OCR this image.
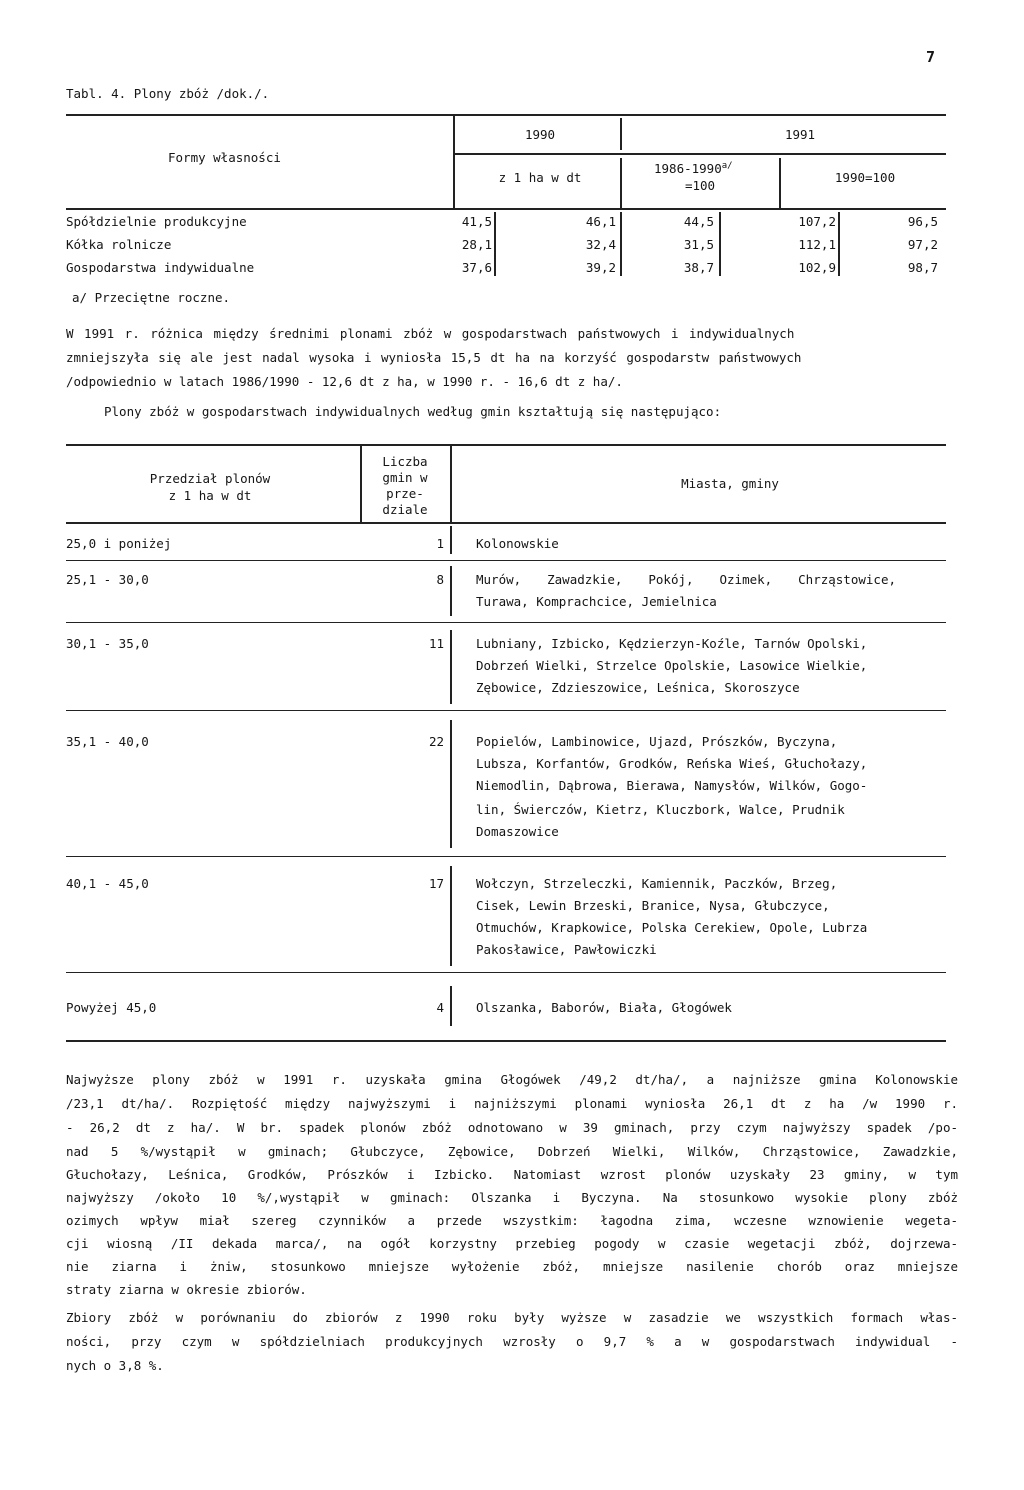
7
Tabl. 4. Plony zbóż /dok./.
Formy własności
1990	1991
z 1 ha w dt
$1986-1990^{a/}$
=100
1990=100
Spółdzielnie produkcyjne	41,5	46,1	44,5	107,2	96,5
Kółka rolnicze	28,1	32,4	31,5	112,1	97,2
Gospodarstwa indywidualne	37,6	39,2	38,7	102,9	98,7
a/ Przeciętne roczne.
W 1991 r. różnica między średnimi plonami zbóż w gospodarstwach państwowych i indywidualnych
zmniejszyła się ale jest nadal wysoka i wyniosła 15,5 dt ha na korzyść gospodarstw państwowych
/odpowiednio w latach 1986/1990 - 12,6 dt z ha, w 1990 r. - 16,6 dt z ha/.
Plony zbóż w gospodarstwach indywidualnych według gmin kształtują się następująco:
Przedział plonów
z 1 ha w dt
Liczba
gmin w
prze-
dziale
Miasta, gminy
25,0 i poniżej	1	Kolonowskie
25,1 - 30,0	8	Murów, Zawadzkie, Pokój, Ozimek, Chrząstowice,
Turawa, Komprachcice, Jemielnica
30,1 - 35,0	11	Lubniany, Izbicko, Kędzierzyn-Koźle, Tarnów Opolski,
Dobrzeń Wielki, Strzelce Opolskie, Lasowice Wielkie,
Zębowice, Zdzieszowice, Leśnica, Skoroszyce
35,1 - 40,0	22	Popielów, Lambinowice, Ujazd, Prószków, Byczyna,
Lubsza, Korfantów, Grodków, Reńska Wieś, Głuchołazy,
Niemodlin, Dąbrowa, Bierawa, Namysłów, Wilków, Gogo-
lin, Świerczów, Kietrz, Kluczbork, Walce, Prudnik
Domaszowice
40,1 - 45,0	17	Wołczyn, Strzeleczki, Kamiennik, Paczków, Brzeg,
Cisek, Lewin Brzeski, Branice, Nysa, Głubczyce,
Otmuchów, Krapkowice, Polska Cerekiew, Opole, Lubrza
Pakosławice, Pawłowiczki
Powyżej 45,0	4	Olszanka, Baborów, Biała, Głogówek
Najwyższe plony zbóż w 1991 r. uzyskała gmina Głogówek /49,2 dt/ha/, a najniższe gmina Kolonowskie
/23,1 dt/ha/. Rozpiętość między najwyższymi i najniższymi plonami wyniosła 26,1 dt z ha /w 1990 r.
- 26,2 dt z ha/. W br. spadek plonów zbóż odnotowano w 39 gminach, przy czym najwyższy spadek /po-
nad 5 %/wystąpił w gminach; Głubczyce, Zębowice, Dobrzeń Wielki, Wilków, Chrząstowice, Zawadzkie,
Głuchołazy, Leśnica, Grodków, Prószków i Izbicko. Natomiast wzrost plonów uzyskały 23 gminy, w tym
najwyższy /około 10 %/,wystąpił w gminach: Olszanka i Byczyna. Na stosunkowo wysokie plony zbóż
ozimych wpływ miał szereg czynników a przede wszystkim: łagodna zima, wczesne wznowienie wegeta-
cji wiosną /II dekada marca/, na ogół korzystny przebieg pogody w czasie wegetacji zbóż, dojrzewa-
nie ziarna i żniw, stosunkowo mniejsze wyłożenie zbóż, mniejsze nasilenie chorób oraz mniejsze
straty ziarna w okresie zbiorów.
Zbiory zbóż w porównaniu do zbiorów z 1990 roku były wyższe w zasadzie we wszystkich formach włas-
ności, przy czym w spółdzielniach produkcyjnych wzrosły o 9,7 % a w gospodarstwach indywidual -
nych o 3,8 %.
